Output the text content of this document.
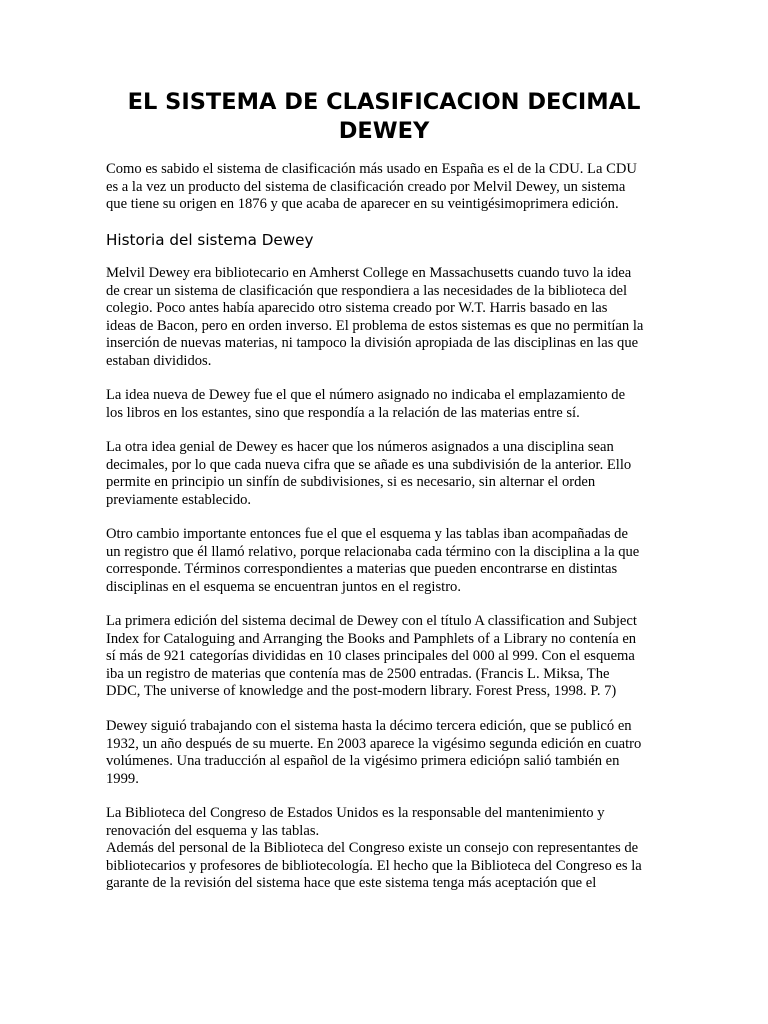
EL SISTEMA DE CLASIFICACION DECIMAL
DEWEY

Como es sabido el sistema de clasificación más usado en España es el de la CDU. La CDU
es a la vez un producto del sistema de clasificación creado por Melvil Dewey, un sistema
que tiene su origen en 1876 y que acaba de aparecer en su veintigésimoprimera edición.

Historia del sistema Dewey

Melvil Dewey era bibliotecario en Amherst College en Massachusetts cuando tuvo la idea
de crear un sistema de clasificación que respondiera a las necesidades de la biblioteca del
colegio. Poco antes había aparecido otro sistema creado por W.T. Harris basado en las
ideas de Bacon, pero en orden inverso. El problema de estos sistemas es que no permitían la
inserción de nuevas materias, ni tampoco la división apropiada de las disciplinas en las que
estaban divididos.

La idea nueva de Dewey fue el que el número asignado no indicaba el emplazamiento de
los libros en los estantes, sino que respondía a la relación de las materias entre sí.

La otra idea genial de Dewey es hacer que los números asignados a una disciplina sean
decimales, por lo que cada nueva cifra que se añade es una subdivisión de la anterior. Ello
permite en principio un sinfín de subdivisiones, si es necesario, sin alternar el orden
previamente establecido.

Otro cambio importante entonces fue el que el esquema y las tablas iban acompañadas de
un registro que él llamó relativo, porque relacionaba cada término con la disciplina a la que
corresponde. Términos correspondientes a materias que pueden encontrarse en distintas
disciplinas en el esquema se encuentran juntos en el registro.

La primera edición del sistema decimal de Dewey con el título A classification and Subject
Index for Cataloguing and Arranging the Books and Pamphlets of a Library no contenía en
sí más de 921 categorías divididas en 10 clases principales del 000 al 999. Con el esquema
iba un registro de materias que contenía mas de 2500 entradas. (Francis L. Miksa, The
DDC, The universe of knowledge and the post-modern library. Forest Press, 1998. P. 7)

Dewey siguió trabajando con el sistema hasta la décimo tercera edición, que se publicó en
1932, un año después de su muerte. En 2003 aparece la vigésimo segunda edición en cuatro
volúmenes. Una traducción al español de la vigésimo primera ediciópn salió también en
1999.

La Biblioteca del Congreso de Estados Unidos es la responsable del mantenimiento y
renovación del esquema y las tablas.
Además del personal de la Biblioteca del Congreso existe un consejo con representantes de
bibliotecarios y profesores de bibliotecología. El hecho que la Biblioteca del Congreso es la
garante de la revisión del sistema hace que este sistema tenga más aceptación que el
